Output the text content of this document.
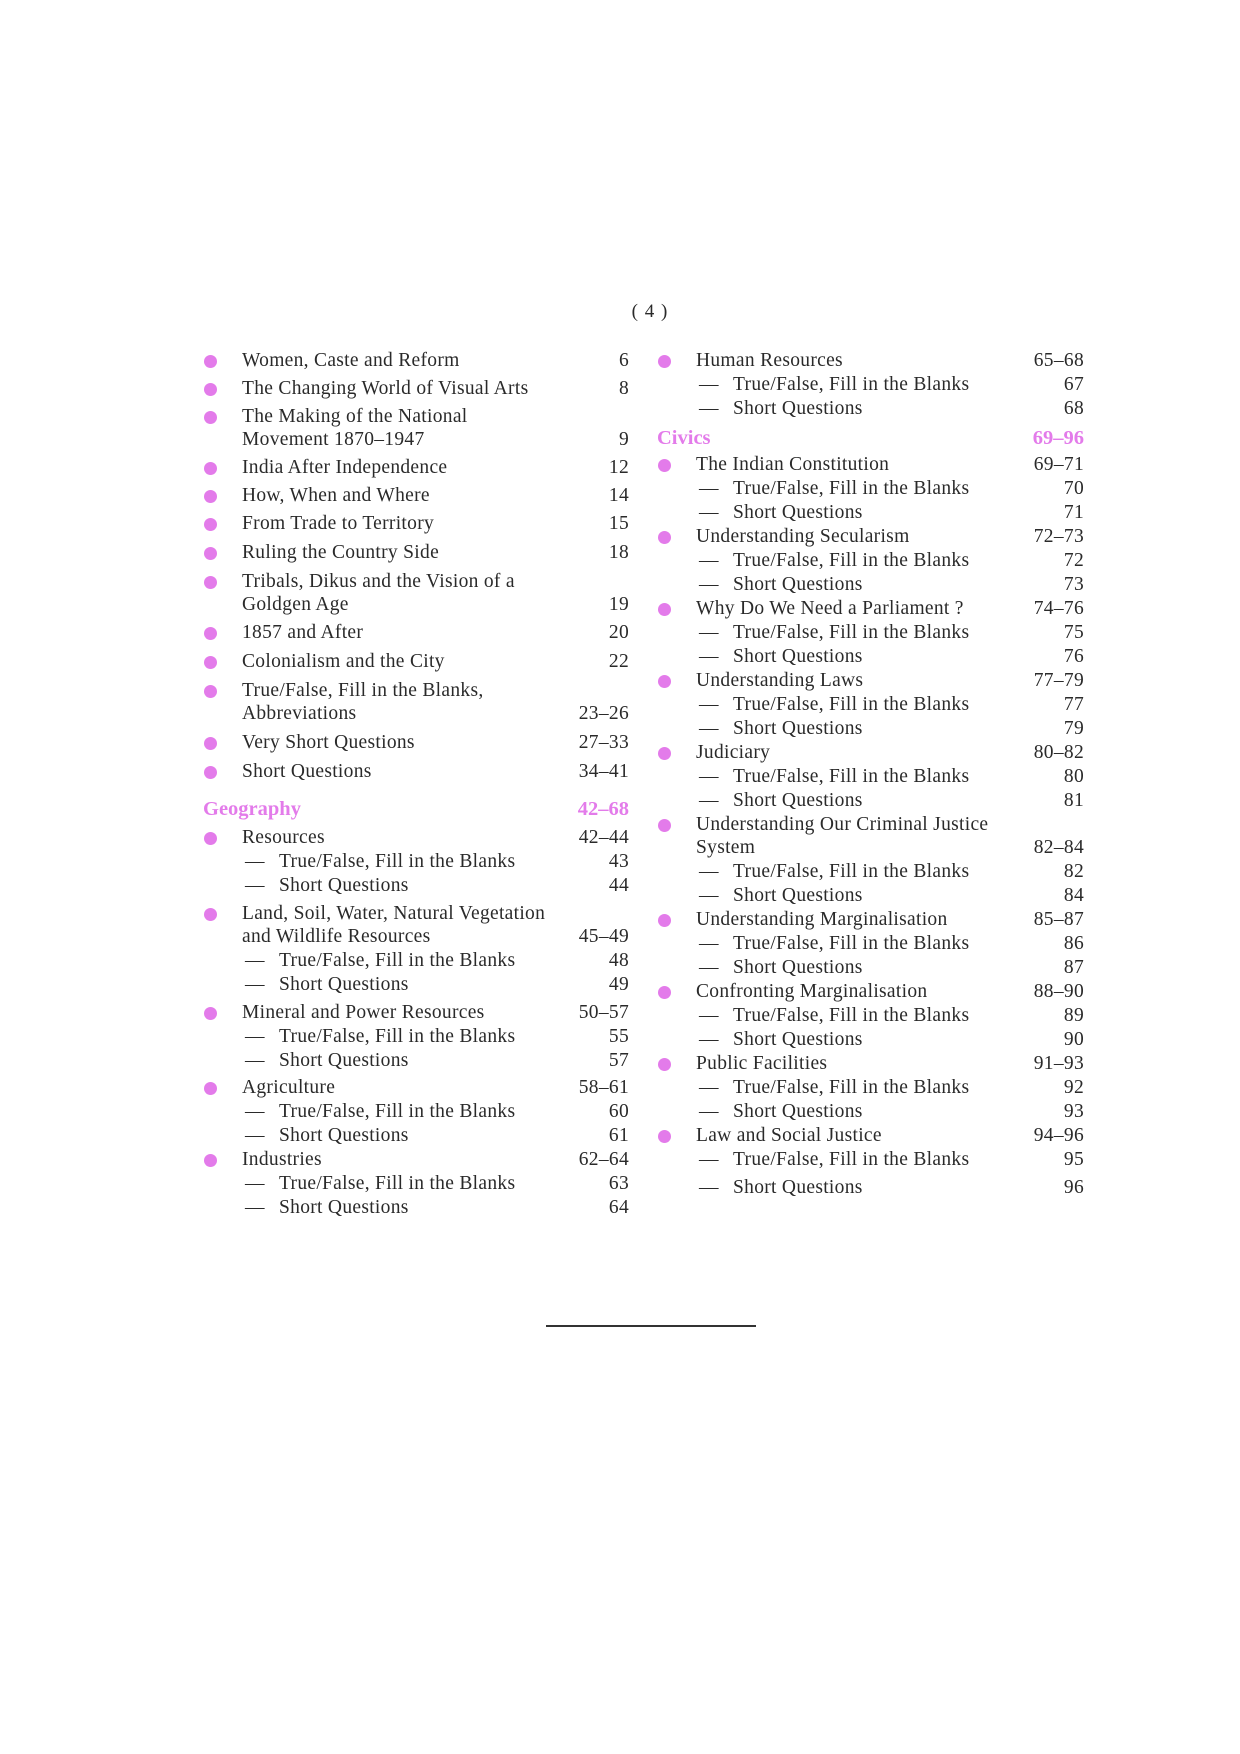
( 4 )
Women, Caste and Reform	6
The Changing World of Visual Arts	8
The Making of the National Movement 1870–1947	9
India After Independence	12
How, When and Where	14
From Trade to Territory	15
Ruling the Country Side	18
Tribals, Dikus and the Vision of a Goldgen Age	19
1857 and After	20
Colonialism and the City	22
True/False, Fill in the Blanks, Abbreviations	23–26
Very Short Questions	27–33
Short Questions	34–41
Geography	42–68
Resources	42–44
— True/False, Fill in the Blanks	43
— Short Questions	44
Land, Soil, Water, Natural Vegetation and Wildlife Resources	45–49
— True/False, Fill in the Blanks	48
— Short Questions	49
Mineral and Power Resources	50–57
— True/False, Fill in the Blanks	55
— Short Questions	57
Agriculture	58–61
— True/False, Fill in the Blanks	60
— Short Questions	61
Industries	62–64
— True/False, Fill in the Blanks	63
— Short Questions	64
Human Resources	65–68
— True/False, Fill in the Blanks	67
— Short Questions	68
Civics	69–96
The Indian Constitution	69–71
— True/False, Fill in the Blanks	70
— Short Questions	71
Understanding Secularism	72–73
— True/False, Fill in the Blanks	72
— Short Questions	73
Why Do We Need a Parliament ?	74–76
— True/False, Fill in the Blanks	75
— Short Questions	76
Understanding Laws	77–79
— True/False, Fill in the Blanks	77
— Short Questions	79
Judiciary	80–82
— True/False, Fill in the Blanks	80
— Short Questions	81
Understanding Our Criminal Justice System	82–84
— True/False, Fill in the Blanks	82
— Short Questions	84
Understanding Marginalisation	85–87
— True/False, Fill in the Blanks	86
— Short Questions	87
Confronting Marginalisation	88–90
— True/False, Fill in the Blanks	89
— Short Questions	90
Public Facilities	91–93
— True/False, Fill in the Blanks	92
— Short Questions	93
Law and Social Justice	94–96
— True/False, Fill in the Blanks	95
— Short Questions	96
